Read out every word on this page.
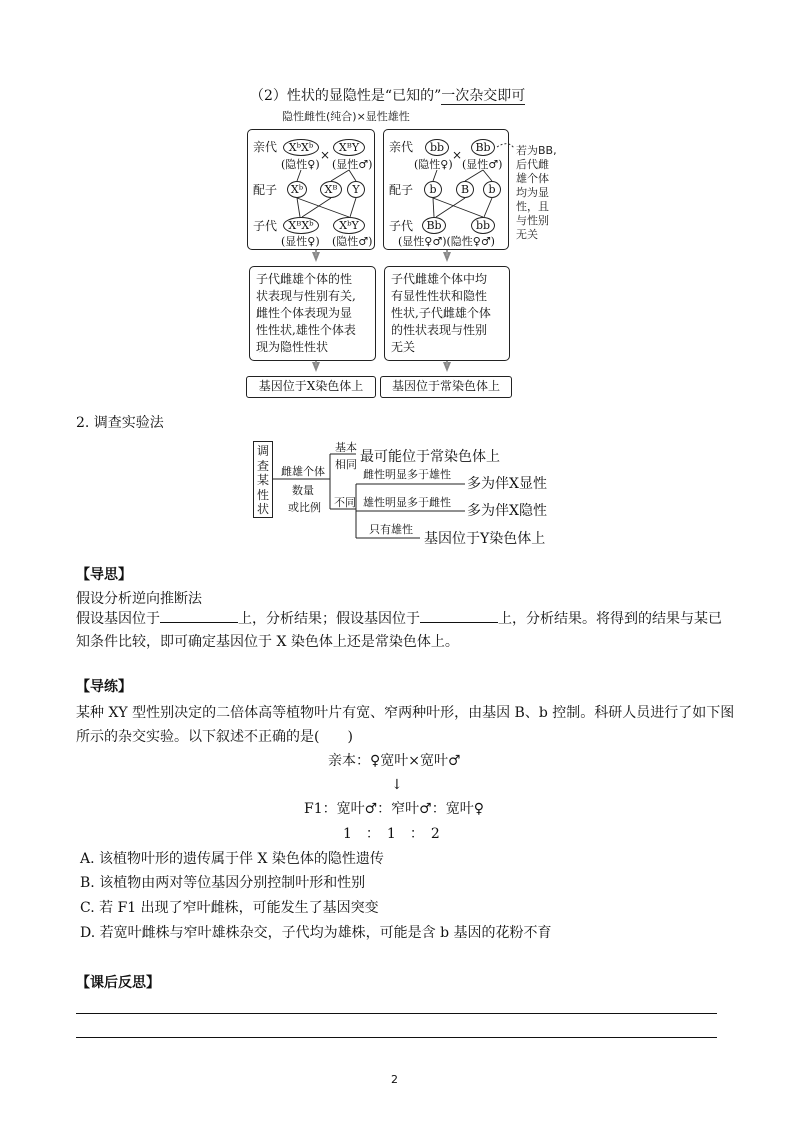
（2）性状的显隐性是“已知的”一次杂交即可
隐性雌性(纯合)×显性雄性
亲代
配子
子代
XᵇXᵇ
×
XᴮY
(隐性♀) (显性♂)
Xᵇ	Xᴮ	Y
XᴮXᵇ	XᵇY
(显性♀) (隐性♂)
亲代
配子
子代
bb
×
Bb
(隐性♀) (显性♂)
b	B	b
Bb	bb
(显性♀♂)(隐性♀♂)
若为BB,
后代雌
雄个体
均为显
性，且
与性别
无关
子代雌雄个体的性
状表现与性别有关,
雌性个体表现为显
性性状,雄性个体表
现为隐性性状
子代雌雄个体中均
有显性性状和隐性
性状,子代雌雄个体
的性状表现与性别
无关
基因位于X染色体上	基因位于常染色体上
2. 调查实验法
调
查
某
性
状
雌雄个体
数量
或比例
基本
相同
不同
最可能位于常染色体上
雌性明显多于雄性
多为伴X显性
雄性明显多于雌性
多为伴X隐性
只有雄性
基因位于Y染色体上
【导思】
假设分析逆向推断法
假设基因位于	上，分析结果；假设基因位于	上，分析结果。将得到的结果与某已
知条件比较，即可确定基因位于 X 染色体上还是常染色体上。
【导练】
某种 XY 型性别决定的二倍体高等植物叶片有宽、窄两种叶形，由基因 B、b 控制。科研人员进行了如下图
所示的杂交实验。以下叙述不正确的是(　　)
亲本：♀宽叶×宽叶♂
↓
F1：宽叶♂：窄叶♂：宽叶♀
1　：　1　：　2
A. 该植物叶形的遗传属于伴 X 染色体的隐性遗传
B. 该植物由两对等位基因分别控制叶形和性别
C. 若 F1 出现了窄叶雌株，可能发生了基因突变
D. 若宽叶雌株与窄叶雄株杂交，子代均为雄株，可能是含 b 基因的花粉不育
【课后反思】
2
